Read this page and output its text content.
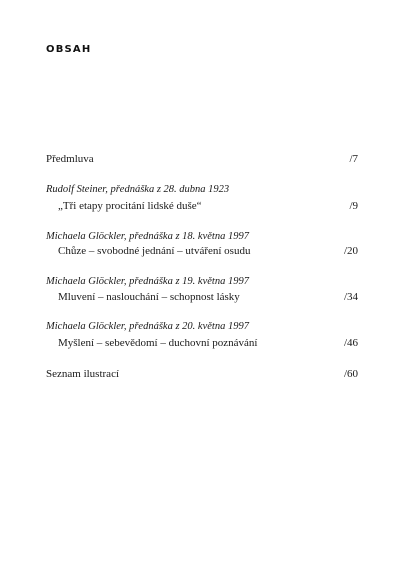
OBSAH
Předmluva	/7
Rudolf Steiner, přednáška z 28. dubna 1923
„Tři etapy procitání lidské duše“	/9
Michaela Glöckler, přednáška z 18. května 1997
Chůze – svobodné jednání – utváření osudu	/20
Michaela Glöckler, přednáška z 19. května 1997
Mluvení – naslouchání – schopnost lásky	/34
Michaela Glöckler, přednáška z 20. května 1997
Myšlení – sebevědomí – duchovní poznávání	/46
Seznam ilustrací	/60
